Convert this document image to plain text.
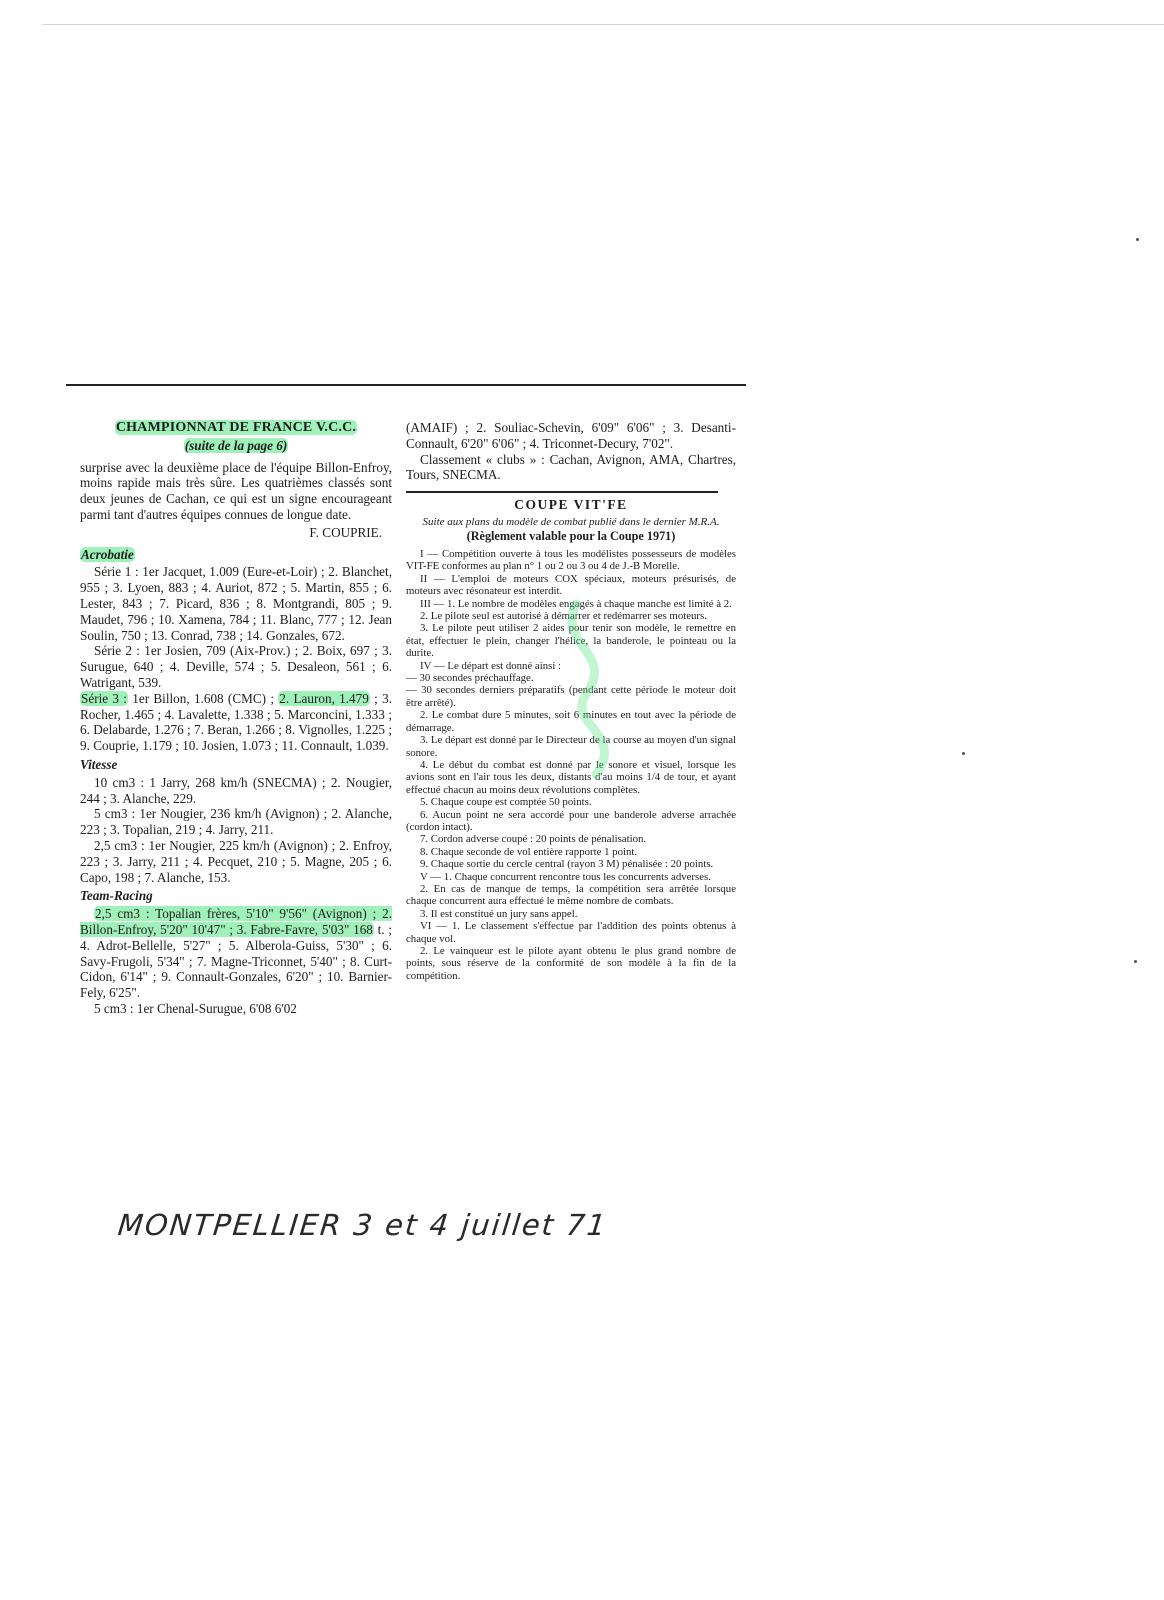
CHAMPIONNAT DE FRANCE V.C.C.
(suite de la page 6)

surprise avec la deuxième place de l'équipe Billon-Enfroy, moins rapide mais très sûre. Les quatrièmes classés sont deux jeunes de Cachan, ce qui est un signe encourageant parmi tant d'autres équipes connues de longue date.

F. COUPRIE.
Acrobatie

Série 1 : 1er Jacquet, 1.009 (Eure-et-Loir) ; 2. Blanchet, 955 ; 3. Lyoen, 883 ; 4. Auriot, 872 ; 5. Martin, 855 ; 6. Lester, 843 ; 7. Picard, 836 ; 8. Montgrandi, 805 ; 9. Maudet, 796 ; 10. Xamena, 784 ; 11. Blanc, 777 ; 12. Jean Soulin, 750 ; 13. Conrad, 738 ; 14. Gonzales, 672.

Série 2 : 1er Josien, 709 (Aix-Prov.) ; 2. Boix, 697 ; 3. Surugue, 640 ; 4. Deville, 574 ; 5. Desaleon, 561 ; 6. Watrigant, 539.

Série 3 : 1er Billon, 1.608 (CMC) ; 2. Lauron, 1.479 ; 3. Rocher, 1.465 ; 4. Lavalette, 1.338 ; 5. Marconcini, 1.333 ; 6. Delabarde, 1.276 ; 7. Beran, 1.266 ; 8. Vignolles, 1.225 ; 9. Couprie, 1.179 ; 10. Josien, 1.073 ; 11. Connault, 1.039.

Vitesse

10 cm3 : 1 Jarry, 268 km/h (SNECMA) ; 2. Nougier, 244 ; 3. Alanche, 229.

5 cm3 : 1er Nougier, 236 km/h (Avignon) ; 2. Alanche, 223 ; 3. Topalian, 219 ; 4. Jarry, 211.

2,5 cm3 : 1er Nougier, 225 km/h (Avignon) ; 2. Enfroy, 223 ; 3. Jarry, 211 ; 4. Pecquet, 210 ; 5. Magne, 205 ; 6. Capo, 198 ; 7. Alanche, 153.

Team-Racing

2,5 cm3 : Topalian frères, 5'10" 9'56" (Avignon) ; 2. Billon-Enfroy, 5'20" 10'47" ; 3. Fabre-Favre, 5'03" 168 t. ; 4. Adrot-Bellelle, 5'27" ; 5. Alberola-Guiss, 5'30" ; 6. Savy-Frugoli, 5'34" ; 7. Magne-Triconnet, 5'40" ; 8. Curt-Cidon, 6'14" ; 9. Connault-Gonzales, 6'20" ; 10. Barnier-Fely, 6'25".

5 cm3 : 1er Chenal-Surugue, 6'08 6'02

(AMAIF) ; 2. Souliac-Schevin, 6'09" 6'06" ; 3. Desanti-Connault, 6'20" 6'06" ; 4. Triconnet-Decury, 7'02".

Classement « clubs » : Cachan, Avignon, AMA, Chartres, Tours, SNECMA.

COUPE VIT'FE
Suite aux plans du modèle de combat publié dans le dernier M.R.A.
(Règlement valable pour la Coupe 1971)

I — Compétition ouverte à tous les modélistes possesseurs de modèles VIT-FE conformes au plan n° 1 ou 2 ou 3 ou 4 de J.-B Morelle.

II — L'emploi de moteurs COX spéciaux, moteurs présurisés, de moteurs avec résonateur est interdit.

III — 1. Le nombre de modèles engagés à chaque manche est limité à 2.

2. Le pilote seul est autorisé à démarrer et redémarrer ses moteurs.

3. Le pilote peut utiliser 2 aides pour tenir son modèle, le remettre en état, effectuer le plein, changer l'hélice, la banderole, le pointeau ou la durite.

IV — Le départ est donné ainsi :

— 30 secondes préchauffage.

— 30 secondes derniers préparatifs (pendant cette période le moteur doit être arrêté).

2. Le combat dure 5 minutes, soit 6 minutes en tout avec la période de démarrage.

3. Le départ est donné par le Directeur de la course au moyen d'un signal sonore.

4. Le début du combat est donné par le sonore et visuel, lorsque les avions sont en l'air tous les deux, distants d'au moins 1/4 de tour, et ayant effectué chacun au moins deux révolutions complètes.

5. Chaque coupe est comptée 50 points.

6. Aucun point ne sera accordé pour une banderole adverse arrachée (cordon intact).

7. Cordon adverse coupé : 20 points de pénalisation.

8. Chaque seconde de vol entière rapporte 1 point.

9. Chaque sortie du cercle central (rayon 3 M) pénalisée : 20 points.

V — 1. Chaque concurrent rencontre tous les concurrents adverses.

2. En cas de manque de temps, la compétition sera arrêtée lorsque chaque concurrent aura effectué le même nombre de combats.

3. Il est constitué un jury sans appel.

VI — 1. Le classement s'effectue par l'addition des points obtenus à chaque vol.

2. Le vainqueur est le pilote ayant obtenu le plus grand nombre de points, sous réserve de la conformité de son modèle à la fin de la compétition.

MONTPELLIER 3 et 4 juillet 71
